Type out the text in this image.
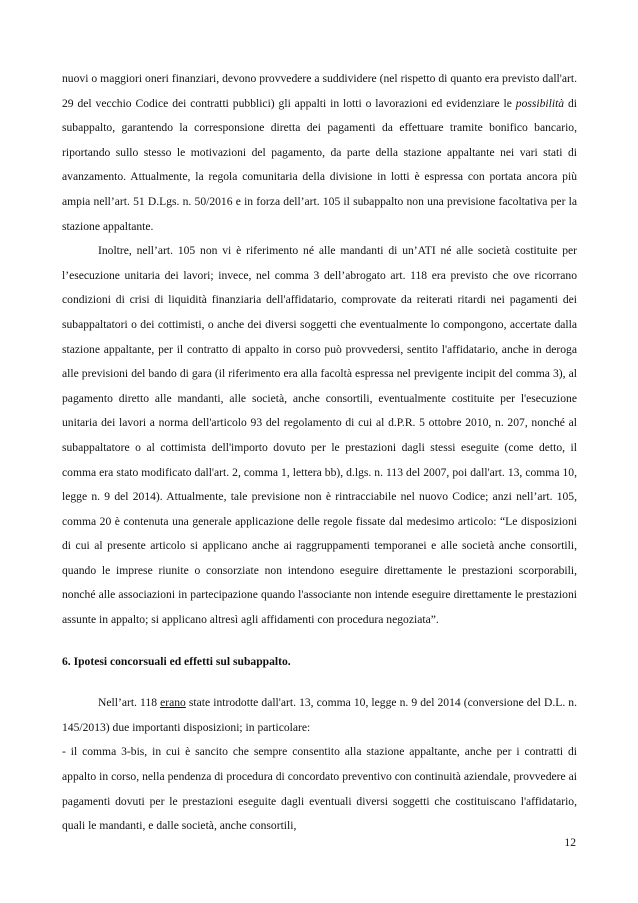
nuovi o maggiori oneri finanziari, devono provvedere a suddividere (nel rispetto di quanto era previsto dall'art. 29 del vecchio Codice dei contratti pubblici) gli appalti in lotti o lavorazioni ed evidenziare le possibilità di subappalto, garantendo la corresponsione diretta dei pagamenti da effettuare tramite bonifico bancario, riportando sullo stesso le motivazioni del pagamento, da parte della stazione appaltante nei vari stati di avanzamento. Attualmente, la regola comunitaria della divisione in lotti è espressa con portata ancora più ampia nell’art. 51 D.Lgs. n. 50/2016 e in forza dell’art. 105 il subappalto non una previsione facoltativa per la stazione appaltante.

Inoltre, nell’art. 105 non vi è riferimento né alle mandanti di un’ATI né alle società costituite per l’esecuzione unitaria dei lavori; invece, nel comma 3 dell’abrogato art. 118 era previsto che ove ricorrano condizioni di crisi di liquidità finanziaria dell'affidatario, comprovate da reiterati ritardi nei pagamenti dei subappaltatori o dei cottimisti, o anche dei diversi soggetti che eventualmente lo compongono, accertate dalla stazione appaltante, per il contratto di appalto in corso può provvedersi, sentito l'affidatario, anche in deroga alle previsioni del bando di gara (il riferimento era alla facoltà espressa nel previgente incipit del comma 3), al pagamento diretto alle mandanti, alle società, anche consortili, eventualmente costituite per l'esecuzione unitaria dei lavori a norma dell'articolo 93 del regolamento di cui al d.P.R. 5 ottobre 2010, n. 207, nonché al subappaltatore o al cottimista dell'importo dovuto per le prestazioni dagli stessi eseguite (come detto, il comma era stato modificato dall'art. 2, comma 1, lettera bb), d.lgs. n. 113 del 2007, poi dall'art. 13, comma 10, legge n. 9 del 2014). Attualmente, tale previsione non è rintracciabile nel nuovo Codice; anzi nell’art. 105, comma 20 è contenuta una generale applicazione delle regole fissate dal medesimo articolo: “Le disposizioni di cui al presente articolo si applicano anche ai raggruppamenti temporanei e alle società anche consortili, quando le imprese riunite o consorziate non intendono eseguire direttamente le prestazioni scorporabili, nonché alle associazioni in partecipazione quando l'associante non intende eseguire direttamente le prestazioni assunte in appalto; si applicano altresì agli affidamenti con procedura negoziata”.

6. Ipotesi concorsuali ed effetti sul subappalto.

Nell’art. 118 erano state introdotte dall'art. 13, comma 10, legge n. 9 del 2014 (conversione del D.L. n. 145/2013) due importanti disposizioni; in particolare:

- il comma 3-bis, in cui è sancito che sempre consentito alla stazione appaltante, anche per i contratti di appalto in corso, nella pendenza di procedura di concordato preventivo con continuità aziendale, provvedere ai pagamenti dovuti per le prestazioni eseguite dagli eventuali diversi soggetti che costituiscano l'affidatario, quali le mandanti, e dalle società, anche consortili,

12
